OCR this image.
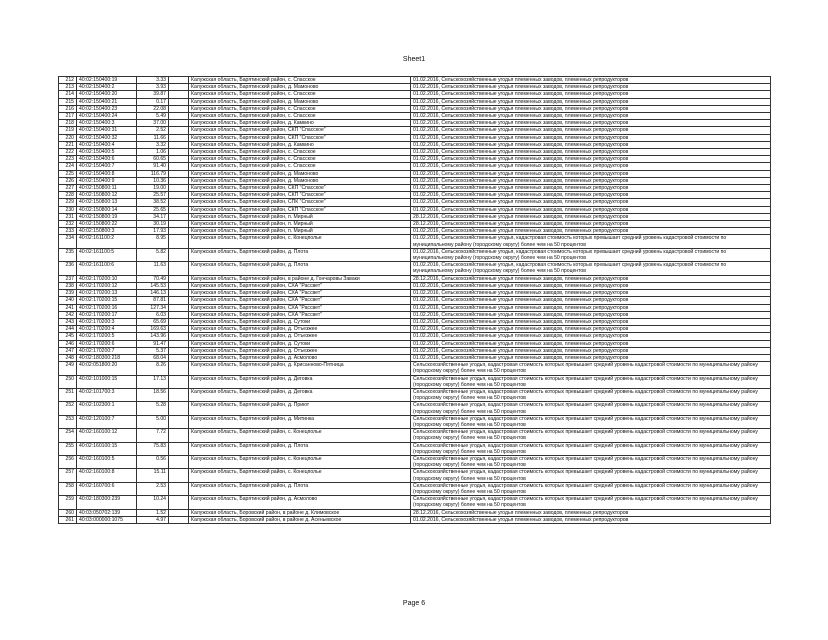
Sheet1
212	40:02:150400:19	3.33		Калужская область, Барятинский район, с. Спасское	01.02.2016, Сельскохозяйственные угодья племенных заводов, племенных репродукторов
213	40:02:150400:2	3.93		Калужская область, Барятинский район, д. Мамоново	01.02.2016, Сельскохозяйственные угодья племенных заводов, племенных репродукторов
214	40:02:150400:20	39.87		Калужская область, Барятинский район, с. Спасское	01.02.2016, Сельскохозяйственные угодья племенных заводов, племенных репродукторов
215	40:02:150400:21	0.17		Калужская область, Барятинский район, д. Мамоново	01.02.2016, Сельскохозяйственные угодья племенных заводов, племенных репродукторов
216	40:02:150400:23	22.08		Калужская область, Барятинский район, с. Спасское	01.02.2016, Сельскохозяйственные угодья племенных заводов, племенных репродукторов
217	40:02:150400:24	5.49		Калужская область, Барятинский район, с. Спасское	01.02.2016, Сельскохозяйственные угодья племенных заводов, племенных репродукторов
218	40:02:150400:3	37.00		Калужская область, Барятинский район, д. Камкино	01.02.2016, Сельскохозяйственные угодья племенных заводов, племенных репродукторов
219	40:02:150400:31	2.52		Калужская область, Барятинский район, СКП "Спасское"	01.02.2016, Сельскохозяйственные угодья племенных заводов, племенных репродукторов
220	40:02:150400:32	11.66		Калужская область, Барятинский район, СКП "Спасское"	01.02.2016, Сельскохозяйственные угодья племенных заводов, племенных репродукторов
221	40:02:150400:4	3.32		Калужская область, Барятинский район, д. Камкино	01.02.2016, Сельскохозяйственные угодья племенных заводов, племенных репродукторов
222	40:02:150400:5	1.06		Калужская область, Барятинский район, с. Спасское	01.02.2016, Сельскохозяйственные угодья племенных заводов, племенных репродукторов
223	40:02:150400:6	60.65		Калужская область, Барятинский район, с. Спасское	01.02.2016, Сельскохозяйственные угодья племенных заводов, племенных репродукторов
224	40:02:150400:7	91.40		Калужская область, Барятинский район, с. Спасское	01.02.2016, Сельскохозяйственные угодья племенных заводов, племенных репродукторов
225	40:02:150400:8	116.79		Калужская область, Барятинский район, д. Мамоново	01.02.2016, Сельскохозяйственные угодья племенных заводов, племенных репродукторов
226	40:02:150400:9	10.36		Калужская область, Барятинский район, д. Мамоново	01.02.2016, Сельскохозяйственные угодья племенных заводов, племенных репродукторов
227	40:02:150800:11	19.00		Калужская область, Барятинский район, СКП "Спасское"	01.02.2016, Сельскохозяйственные угодья племенных заводов, племенных репродукторов
228	40:02:150800:12	25.57		Калужская область, Барятинский район, СКП "Спасское"	01.02.2016, Сельскохозяйственные угодья племенных заводов, племенных репродукторов
229	40:02:150800:13	38.52		Калужская область, Барятинский район, СПК "Спасское"	01.02.2016, Сельскохозяйственные угодья племенных заводов, племенных репродукторов
230	40:02:150800:14	25.65		Калужская область, Барятинский район, СКП "Спасское"	01.02.2016, Сельскохозяйственные угодья племенных заводов, племенных репродукторов
231	40:02:150800:19	34.17		Калужская область, Барятинский район, п. Мирный	28.12.2016, Сельскохозяйственные угодья племенных заводов, племенных репродукторов
232	40:02:150800:22	30.19		Калужская область, Барятинский район, п. Мирный	28.12.2016, Сельскохозяйственные угодья племенных заводов, племенных репродукторов
233	40:02:150800:3	17.93		Калужская область, Барятинский район, п. Мирный	01.02.2016, Сельскохозяйственные угодья племенных заводов, племенных репродукторов
234	40:02:161100:2	8.95		Калужская область, Барятинский район, с. Конецполье	01.02.2016, Сельскохозяйственные угодья, кадастровая стоимость которых превышает средний уровень кадастровой стоимости по муниципальному району (городскому округу) более чем на 50 процентов
235	40:02:161100:5	5.82		Калужская область, Барятинский район, д. Плота	01.02.2016, Сельскохозяйственные угодья, кадастровая стоимость которых превышает средний уровень кадастровой стоимости по муниципальному району (городскому округу) более чем на 50 процентов
236	40:02:161100:6	11.63		Калужская область, Барятинский район, д. Плота	01.02.2016, Сельскохозяйственные угодья, кадастровая стоимость которых превышает средний уровень кадастровой стоимости по муниципальному району (городскому округу) более чем на 50 процентов
237	40:02:170200:10	70.49		Калужская область, Барятинский район, в районе д. Гончаровы Заваки	28.12.2016, Сельскохозяйственные угодья племенных заводов, племенных репродукторов
238	40:02:170200:12	145.53		Калужская область, Барятинский район, СХА "Рассвет"	01.02.2016, Сельскохозяйственные угодья племенных заводов, племенных репродукторов
239	40:02:170200:13	146.13		Калужская область, Барятинский район, СХА "Рассвет"	01.02.2016, Сельскохозяйственные угодья племенных заводов, племенных репродукторов
240	40:02:170200:15	87.81		Калужская область, Барятинский район, СХА "Рассвет"	01.02.2016, Сельскохозяйственные угодья племенных заводов, племенных репродукторов
241	40:02:170200:16	127.34		Калужская область, Барятинский район, СХА "Рассвет"	01.02.2016, Сельскохозяйственные угодья племенных заводов, племенных репродукторов
242	40:02:170200:17	6.03		Калужская область, Барятинский район, СХА "Рассвет"	01.02.2016, Сельскохозяйственные угодья племенных заводов, племенных репродукторов
243	40:02:170200:3	65.69		Калужская область, Барятинский район, д. Сутоки	01.02.2016, Сельскохозяйственные угодья племенных заводов, племенных репродукторов
244	40:02:170200:4	169.63		Калужская область, Барятинский район, д. Отъезжее	01.02.2016, Сельскохозяйственные угодья племенных заводов, племенных репродукторов
245	40:02:170200:5	143.96		Калужская область, Барятинский район, д. Отъезжее	01.02.2016, Сельскохозяйственные угодья племенных заводов, племенных репродукторов
246	40:02:170200:6	91.47		Калужская область, Барятинский район, д. Сутоки	01.02.2016, Сельскохозяйственные угодья племенных заводов, племенных репродукторов
247	40:02:170200:7	5.37		Калужская область, Барятинский район, д. Отъезжее	01.02.2016, Сельскохозяйственные угодья племенных заводов, племенных репродукторов
248	40:02:180300:218	68.04		Калужская область, Барятинский район, д. Асмолово	01.02.2016, Сельскохозяйственные угодья племенных заводов, племенных репродукторов
249	40:02:051800:20	8.26		Калужская область, Барятинский район, д. Крисанново-Пятница	Сельскохозяйственные угодья, кадастровая стоимость которых превышает средний уровень кадастровой стоимости по муниципальному району (городскому округу) более чем на 50 процентов
250	40:02:101000:15	17.13		Калужская область, Барятинский район, д. Деговка	Сельскохозяйственные угодья, кадастровая стоимость которых превышает средний уровень кадастровой стоимости по муниципальному району (городскому округу) более чем на 50 процентов
251	40:02:101700:3	18.56		Калужская область, Барятинский район, д. Деговка	Сельскохозяйственные угодья, кадастровая стоимость которых превышает средний уровень кадастровой стоимости по муниципальному району (городскому округу) более чем на 50 процентов
252	40:02:102300:1	5.28		Калужская область, Барятинский район, д. Приют	Сельскохозяйственные угодья, кадастровая стоимость которых превышает средний уровень кадастровой стоимости по муниципальному району (городскому округу) более чем на 50 процентов
253	40:02:120100:7	5.00		Калужская область, Барятинский район, д. Митинка	Сельскохозяйственные угодья, кадастровая стоимость которых превышает средний уровень кадастровой стоимости по муниципальному району (городскому округу) более чем на 50 процентов
254	40:02:160100:12	7.72		Калужская область, Барятинский район, с. Конецполье	Сельскохозяйственные угодья, кадастровая стоимость которых превышает средний уровень кадастровой стоимости по муниципальному району (городскому округу) более чем на 50 процентов
255	40:02:160100:15	75.83		Калужская область, Барятинский район, д. Плота	Сельскохозяйственные угодья, кадастровая стоимость которых превышает средний уровень кадастровой стоимости по муниципальному району (городскому округу) более чем на 50 процентов
256	40:02:160100:5	0.56		Калужская область, Барятинский район, с. Конецполье	Сельскохозяйственные угодья, кадастровая стоимость которых превышает средний уровень кадастровой стоимости по муниципальному району (городскому округу) более чем на 50 процентов
257	40:02:160100:8	15.11		Калужская область, Барятинский район, с. Конецполье	Сельскохозяйственные угодья, кадастровая стоимость которых превышает средний уровень кадастровой стоимости по муниципальному району (городскому округу) более чем на 50 процентов
258	40:02:160700:6	2.53		Калужская область, Барятинский район, д. Плота	Сельскохозяйственные угодья, кадастровая стоимость которых превышает средний уровень кадастровой стоимости по муниципальному району (городскому округу) более чем на 50 процентов
259	40:02:180300:239	10.24		Калужская область, Барятинский район, д. Асмолово	Сельскохозяйственные угодья, кадастровая стоимость которых превышает средний уровень кадастровой стоимости по муниципальному району (городскому округу) более чем на 50 процентов
260	40:03:050702:139	1.52		Калужская область, Боровский район, в районе д. Климовское	28.12.2016, Сельскохозяйственные угодья племенных заводов, племенных репродукторов
261	40:03:000000:1075	4.97		Калужская область, Боровский район, в районе д. Асеньевское	01.02.2016, Сельскохозяйственные угодья племенных заводов, племенных репродукторов
Page 6
